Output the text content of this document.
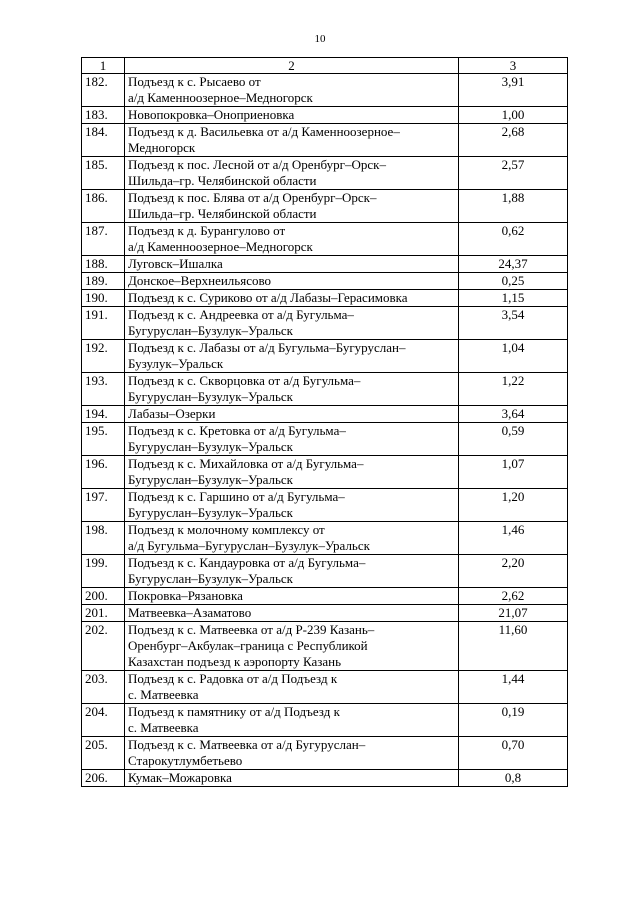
10
1	2	3
182.	Подъезд к с. Рысаево от
а/д Каменноозерное–Медногорск	3,91
183.	Новопокровка–Оноприеновка	1,00
184.	Подъезд к д. Васильевка от а/д Каменноозерное–
Медногорск	2,68
185.	Подъезд к пос. Лесной от а/д Оренбург–Орск–
Шильда–гр. Челябинской области	2,57
186.	Подъезд к пос. Блява от а/д Оренбург–Орск–
Шильда–гр. Челябинской области	1,88
187.	Подъезд к д. Бурангулово от
а/д Каменноозерное–Медногорск	0,62
188.	Луговск–Ишалка	24,37
189.	Донское–Верхнеильясово	0,25
190.	Подъезд к с. Суриково от а/д Лабазы–Герасимовка	1,15
191.	Подъезд к с. Андреевка от а/д Бугульма–
Бугуруслан–Бузулук–Уральск	3,54
192.	Подъезд к с. Лабазы от а/д Бугульма–Бугуруслан–
Бузулук–Уральск	1,04
193.	Подъезд к с. Скворцовка от а/д Бугульма–
Бугуруслан–Бузулук–Уральск	1,22
194.	Лабазы–Озерки	3,64
195.	Подъезд к с. Кретовка от а/д Бугульма–
Бугуруслан–Бузулук–Уральск	0,59
196.	Подъезд к с. Михайловка от а/д Бугульма–
Бугуруслан–Бузулук–Уральск	1,07
197.	Подъезд к с. Гаршино от а/д Бугульма–
Бугуруслан–Бузулук–Уральск	1,20
198.	Подъезд к молочному комплексу от
а/д Бугульма–Бугуруслан–Бузулук–Уральск	1,46
199.	Подъезд к с. Кандауровка от а/д Бугульма–
Бугуруслан–Бузулук–Уральск	2,20
200.	Покровка–Рязановка	2,62
201.	Матвеевка–Азаматово	21,07
202.	Подъезд к с. Матвеевка от а/д Р-239 Казань–
Оренбург–Акбулак–граница с Республикой
Казахстан подъезд к аэропорту Казань	11,60
203.	Подъезд к с. Радовка от а/д Подъезд к
с. Матвеевка	1,44
204.	Подъезд к памятнику от а/д Подъезд к
с. Матвеевка	0,19
205.	Подъезд к с. Матвеевка от а/д Бугуруслан–
Старокутлумбетьево	0,70
206.	Кумак–Можаровка	0,8
